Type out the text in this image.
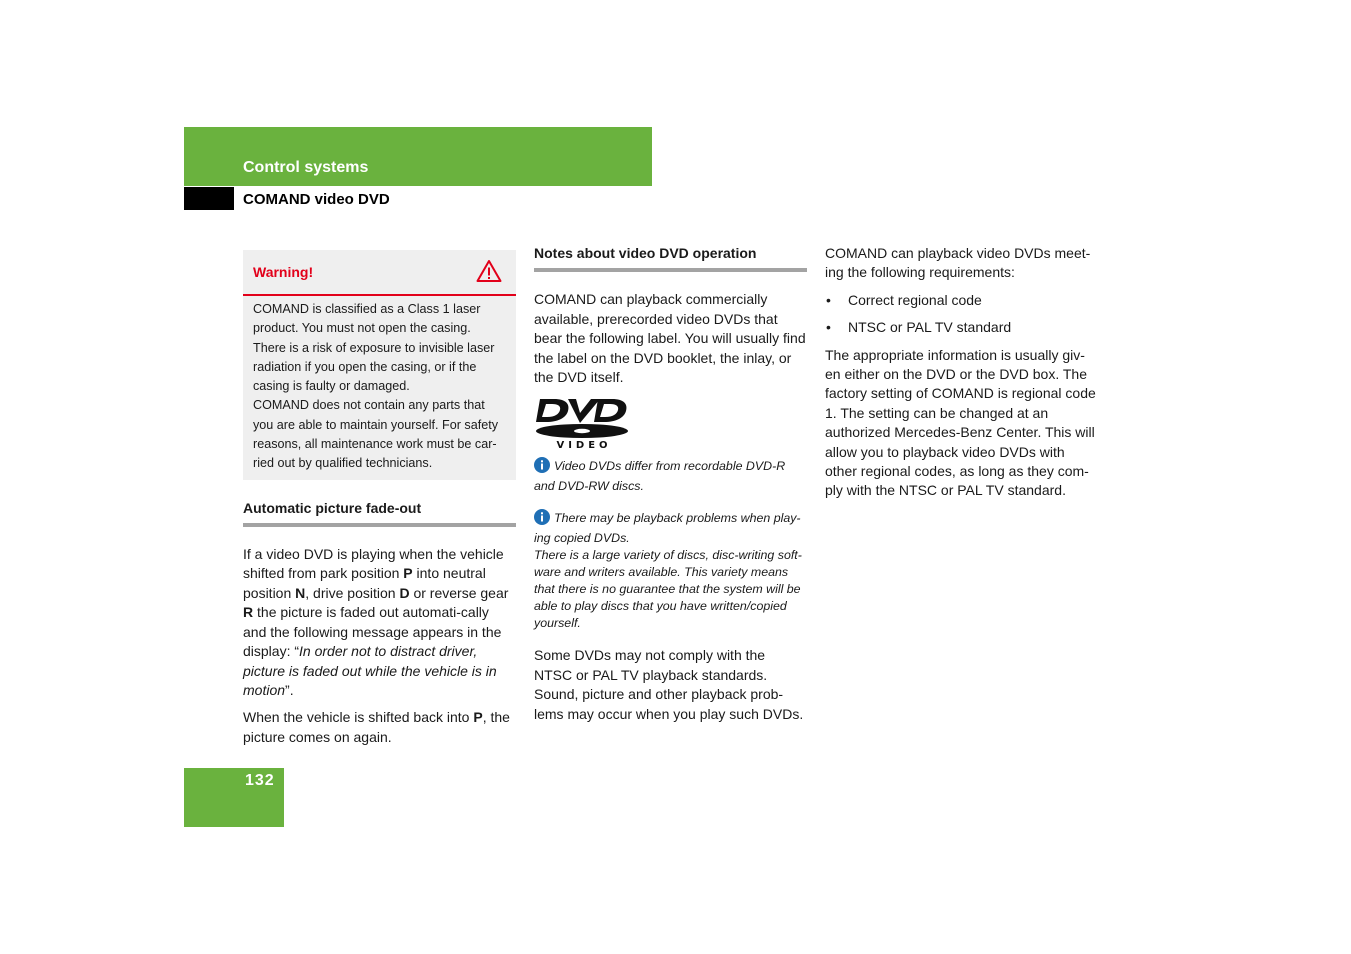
Control systems
COMAND video DVD
Warning!
COMAND is classified as a Class 1 laser product. You must not open the casing. There is a risk of exposure to invisible laser radiation if you open the casing, or if the casing is faulty or damaged.
COMAND does not contain any parts that you are able to maintain yourself. For safety reasons, all maintenance work must be car-ried out by qualified technicians.
Automatic picture fade-out

If a video DVD is playing when the vehicle shifted from park position P into neutral position N, drive position D or reverse gear R the picture is faded out automati-cally and the following message appears in the display: “In order not to distract driver, picture is faded out while the vehicle is in motion”.

When the vehicle is shifted back into P, the picture comes on again.

Notes about video DVD operation

COMAND can playback commercially available, prerecorded video DVDs that bear the following label. You will usually find the label on the DVD booklet, the inlay, or the DVD itself.

VIDEO
Video DVDs differ from recordable DVD-R and DVD-RW discs.
There may be playback problems when play-ing copied DVDs.
There is a large variety of discs, disc-writing soft-ware and writers available. This variety means that there is no guarantee that the system will be able to play discs that you have written/copied yourself.

Some DVDs may not comply with the NTSC or PAL TV playback standards. Sound, picture and other playback prob-lems may occur when you play such DVDs.

COMAND can playback video DVDs meet-ing the following requirements:

• Correct regional code
• NTSC or PAL TV standard

The appropriate information is usually giv-en either on the DVD or the DVD box. The factory setting of COMAND is regional code 1. The setting can be changed at an authorized Mercedes-Benz Center. This will allow you to playback video DVDs with other regional codes, as long as they com-ply with the NTSC or PAL TV standard.

132
